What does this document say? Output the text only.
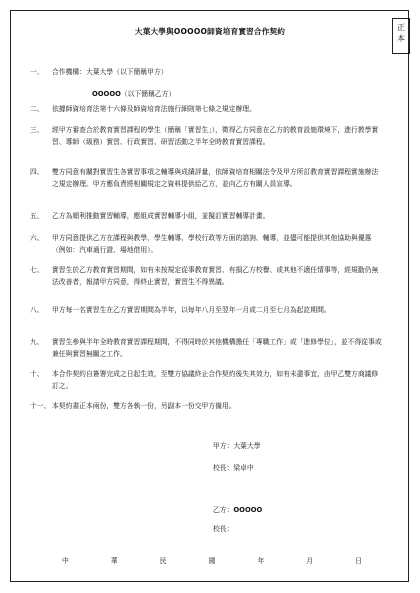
正
本
大葉大學與OOOOO師資培育實習合作契約
一、 合作機構：大葉大學（以下簡稱甲方）
OOOOO（以下簡稱乙方）
二、 依據師資培育法第十六條及師資培育法施行細則第七條之規定辦理。
三、 經甲方審查合於教育實習課程的學生（簡稱「實習生」），徵得乙方同意在乙方的教育設施環境下，進行教學實習、導師（級務）實習、行政實習、研習活動之半年全時教育實習課程。
四、 雙方同意有關對實習生各實習事項之輔導與成績評量，依師資培育相關法令及甲方所訂教育實習課程實施辦法之規定辦理。甲方應負責將相關規定之資料提供給乙方，並向乙方有關人員宣導。
五、 乙方為順利推動實習輔導，應組成實習輔導小組，並擬訂實習輔導計畫。
六、 甲方同意提供乙方在課程與教學、學生輔導、學校行政等方面的諮詢、輔導，並儘可能提供其他協助與優惠（例如：汽車通行證、場地借用）。
七、 實習生於乙方教育實習期間，如有未按規定從事教育實習、有損乙方校譽、或其他不適任情事等，經規勸仍無法改善者，報請甲方同意，得終止實習，實習生不得異議。
八、 甲方每一名實習生在乙方實習期間為半年，以每年八月至翌年一月或二月至七月為起訖期間。
九、 實習生參與半年全時教育實習課程期間，不得同時於其他機構擔任「專職工作」或「進修學位」，並不得從事或兼任與實習無關之工作。
十、 本合作契約自簽署完成之日起生效，至雙方協議終止合作契約後失其效力，如有未盡事宜，由甲乙雙方商議修訂之。
十一、 本契約書正本兩份，雙方各執一份，另副本一份交甲方備用。
甲方：大葉大學
校長：梁卓中
乙方：OOOOO
校長：
中	華	民	國	年	月	日
